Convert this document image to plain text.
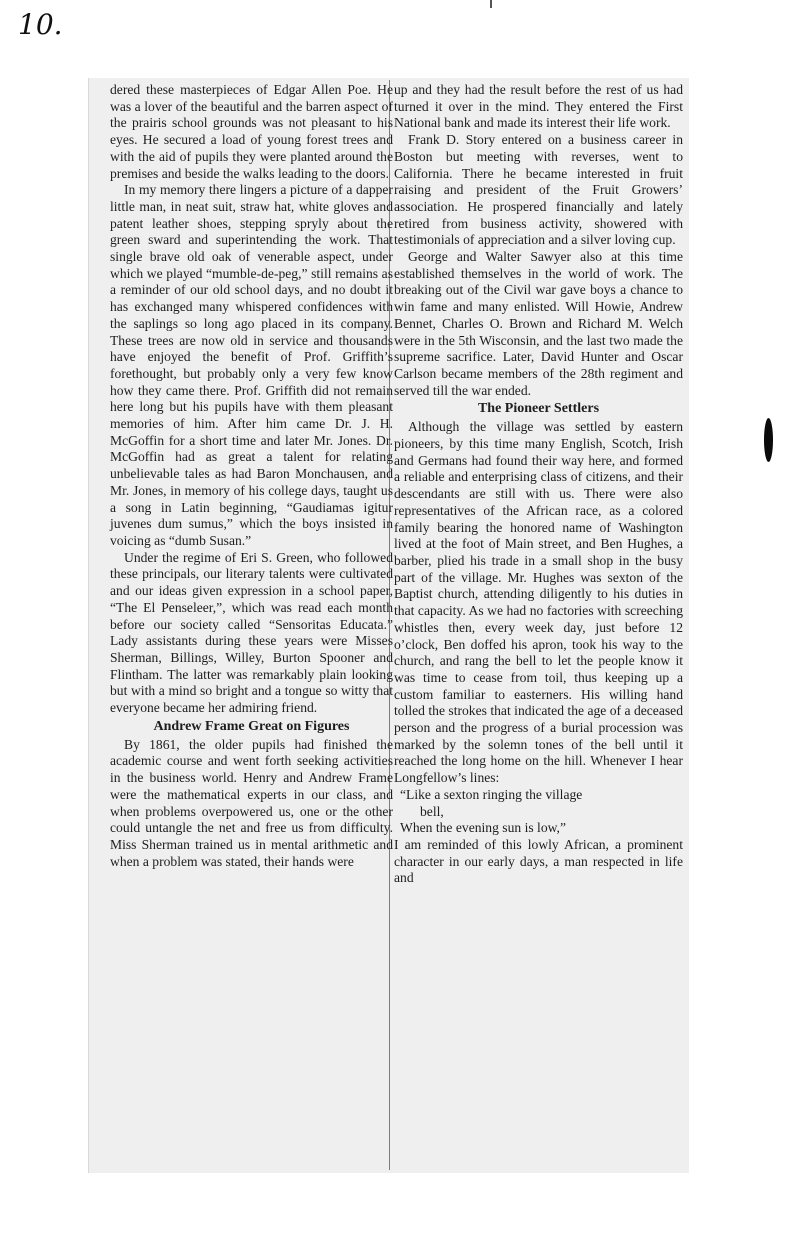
10.

dered these masterpieces of Edgar Allen Poe. He was a lover of the beautiful and the barren aspect of the prairis school grounds was not pleasant to his eyes. He secured a load of young forest trees and with the aid of pupils they were planted around the premises and beside the walks leading to the doors.

In my memory there lingers a picture of a dapper little man, in neat suit, straw hat, white gloves and patent leather shoes, stepping spryly about the green sward and superintending the work. That single brave old oak of venerable aspect, under which we played “mumble-de-peg,” still remains as a reminder of our old school days, and no doubt it has exchanged many whispered confidences with the saplings so long ago placed in its company. These trees are now old in service and thousands have enjoyed the benefit of Prof. Griffith’s forethought, but probably only a very few know how they came there. Prof. Griffith did not remain here long but his pupils have with them pleasant memories of him. After him came Dr. J. H. McGoffin for a short time and later Mr. Jones. Dr. McGoffin had as great a talent for relating unbelievable tales as had Baron Monchausen, and Mr. Jones, in memory of his college days, taught us a song in Latin beginning, “Gaudiamas igitur juvenes dum sumus,” which the boys insisted in voicing as “dumb Susan.”

Under the regime of Eri S. Green, who followed these principals, our literary talents were cultivated and our ideas given expression in a school paper, “The El Penseleer,”, which was read each month before our society called “Sensoritas Educata.” Lady assistants during these years were Misses Sherman, Billings, Willey, Burton Spooner and Flintham. The latter was remarkably plain looking but with a mind so bright and a tongue so witty that everyone became her admiring friend.

Andrew Frame Great on Figures

By 1861, the older pupils had finished the academic course and went forth seeking activities in the business world. Henry and Andrew Frame were the mathematical experts in our class, and when problems overpowered us, one or the other could untangle the net and free us from difficulty. Miss Sherman trained us in mental arithmetic and when a problem was stated, their hands were

up and they had the result before the rest of us had turned it over in the mind. They entered the First National bank and made its interest their life work.

Frank D. Story entered on a business career in Boston but meeting with reverses, went to California. There he became interested in fruit raising and president of the Fruit Growers’ association. He prospered financially and lately retired from business activity, showered with testimonials of appreciation and a silver loving cup.

George and Walter Sawyer also at this time established themselves in the world of work. The breaking out of the Civil war gave boys a chance to win fame and many enlisted. Will Howie, Andrew Bennet, Charles O. Brown and Richard M. Welch were in the 5th Wisconsin, and the last two made the supreme sacrifice. Later, David Hunter and Oscar Carlson became members of the 28th regiment and served till the war ended.

The Pioneer Settlers

Although the village was settled by eastern pioneers, by this time many English, Scotch, Irish and Germans had found their way here, and formed a reliable and enterprising class of citizens, and their descendants are still with us. There were also representatives of the African race, as a colored family bearing the honored name of Washington lived at the foot of Main street, and Ben Hughes, a barber, plied his trade in a small shop in the busy part of the village. Mr. Hughes was sexton of the Baptist church, attending diligently to his duties in that capacity. As we had no factories with screeching whistles then, every week day, just before 12 o’clock, Ben doffed his apron, took his way to the church, and rang the bell to let the people know it was time to cease from toil, thus keeping up a custom familiar to easterners. His willing hand tolled the strokes that indicated the age of a deceased person and the progress of a burial procession was marked by the solemn tones of the bell until it reached the long home on the hill. Whenever I hear Longfellow’s lines:

“Like a sexton ringing the village

bell,

When the evening sun is low,”

I am reminded of this lowly African, a prominent character in our early days, a man respected in life and
